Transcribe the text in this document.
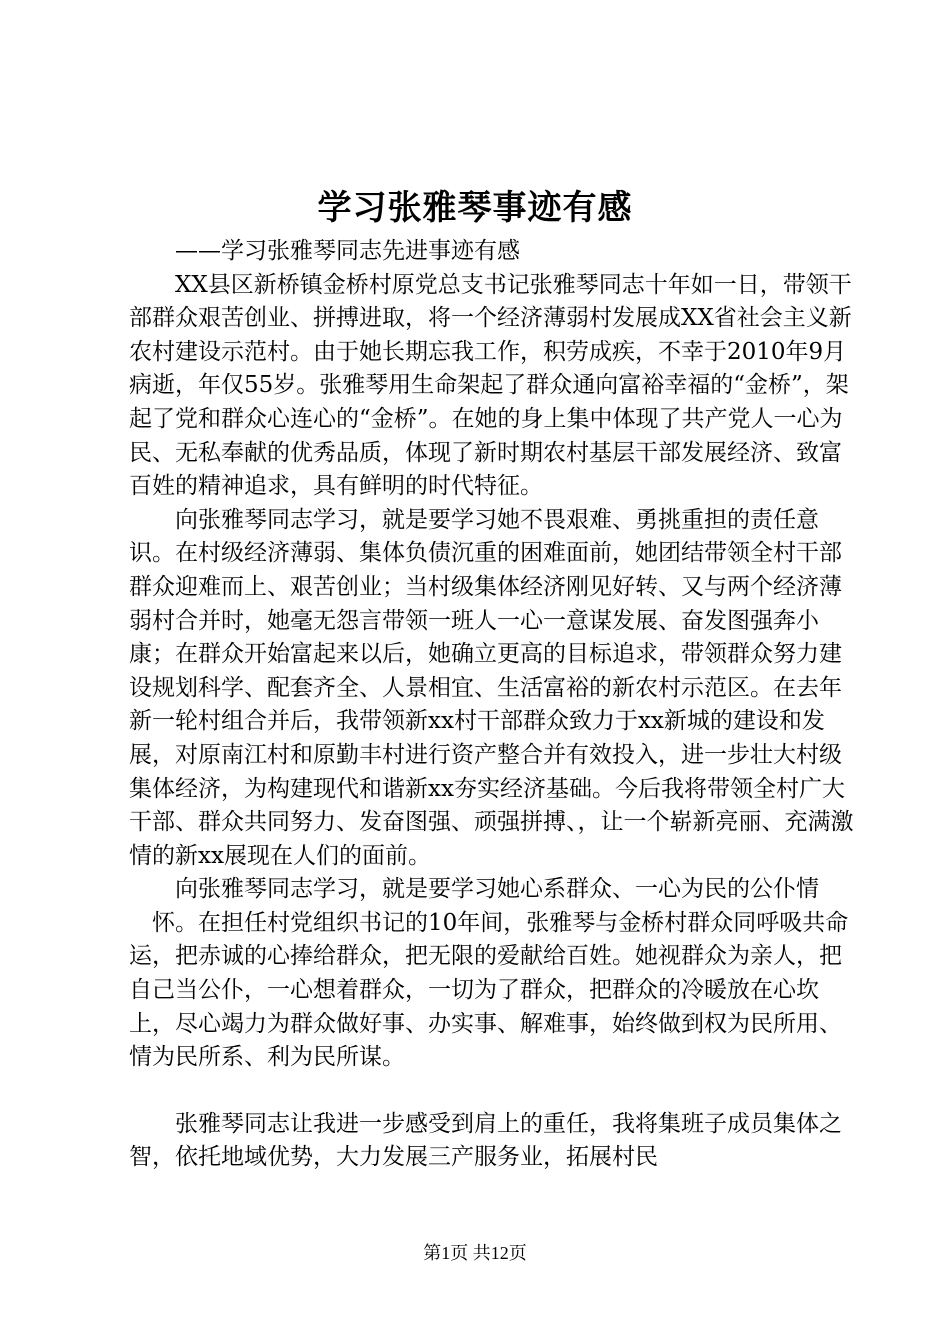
学习张雅琴事迹有感

——学习张雅琴同志先进事迹有感

XX县区新桥镇金桥村原党总支书记张雅琴同志十年如一日，带领干部群众艰苦创业、拼搏进取，将一个经济薄弱村发展成XX省社会主义新农村建设示范村。由于她长期忘我工作，积劳成疾，不幸于2010年9月病逝，年仅55岁。张雅琴用生命架起了群众通向富裕幸福的“金桥”，架起了党和群众心连心的“金桥”。在她的身上集中体现了共产党人一心为民、无私奉献的优秀品质，体现了新时期农村基层干部发展经济、致富百姓的精神追求，具有鲜明的时代特征。

向张雅琴同志学习，就是要学习她不畏艰难、勇挑重担的责任意识。在村级经济薄弱、集体负债沉重的困难面前，她团结带领全村干部群众迎难而上、艰苦创业；当村级集体经济刚见好转、又与两个经济薄弱村合并时，她毫无怨言带领一班人一心一意谋发展、奋发图强奔小康；在群众开始富起来以后，她确立更高的目标追求，带领群众努力建设规划科学、配套齐全、人景相宜、生活富裕的新农村示范区。在去年新一轮村组合并后，我带领新xx村干部群众致力于xx新城的建设和发展，对原南江村和原勤丰村进行资产整合并有效投入，进一步壮大村级集体经济，为构建现代和谐新xx夯实经济基础。今后我将带领全村广大干部、群众共同努力、发奋图强、顽强拼搏、，让一个崭新亮丽、充满激情的新xx展现在人们的面前。

向张雅琴同志学习，就是要学习她心系群众、一心为民的公仆情

怀。在担任村党组织书记的10年间，张雅琴与金桥村群众同呼吸共命运，把赤诚的心捧给群众，把无限的爱献给百姓。她视群众为亲人，把自己当公仆，一心想着群众，一切为了群众，把群众的冷暖放在心坎上，尽心竭力为群众做好事、办实事、解难事，始终做到权为民所用、情为民所系、利为民所谋。

张雅琴同志让我进一步感受到肩上的重任，我将集班子成员集体之智，依托地域优势，大力发展三产服务业，拓展村民

第1页 共12页
